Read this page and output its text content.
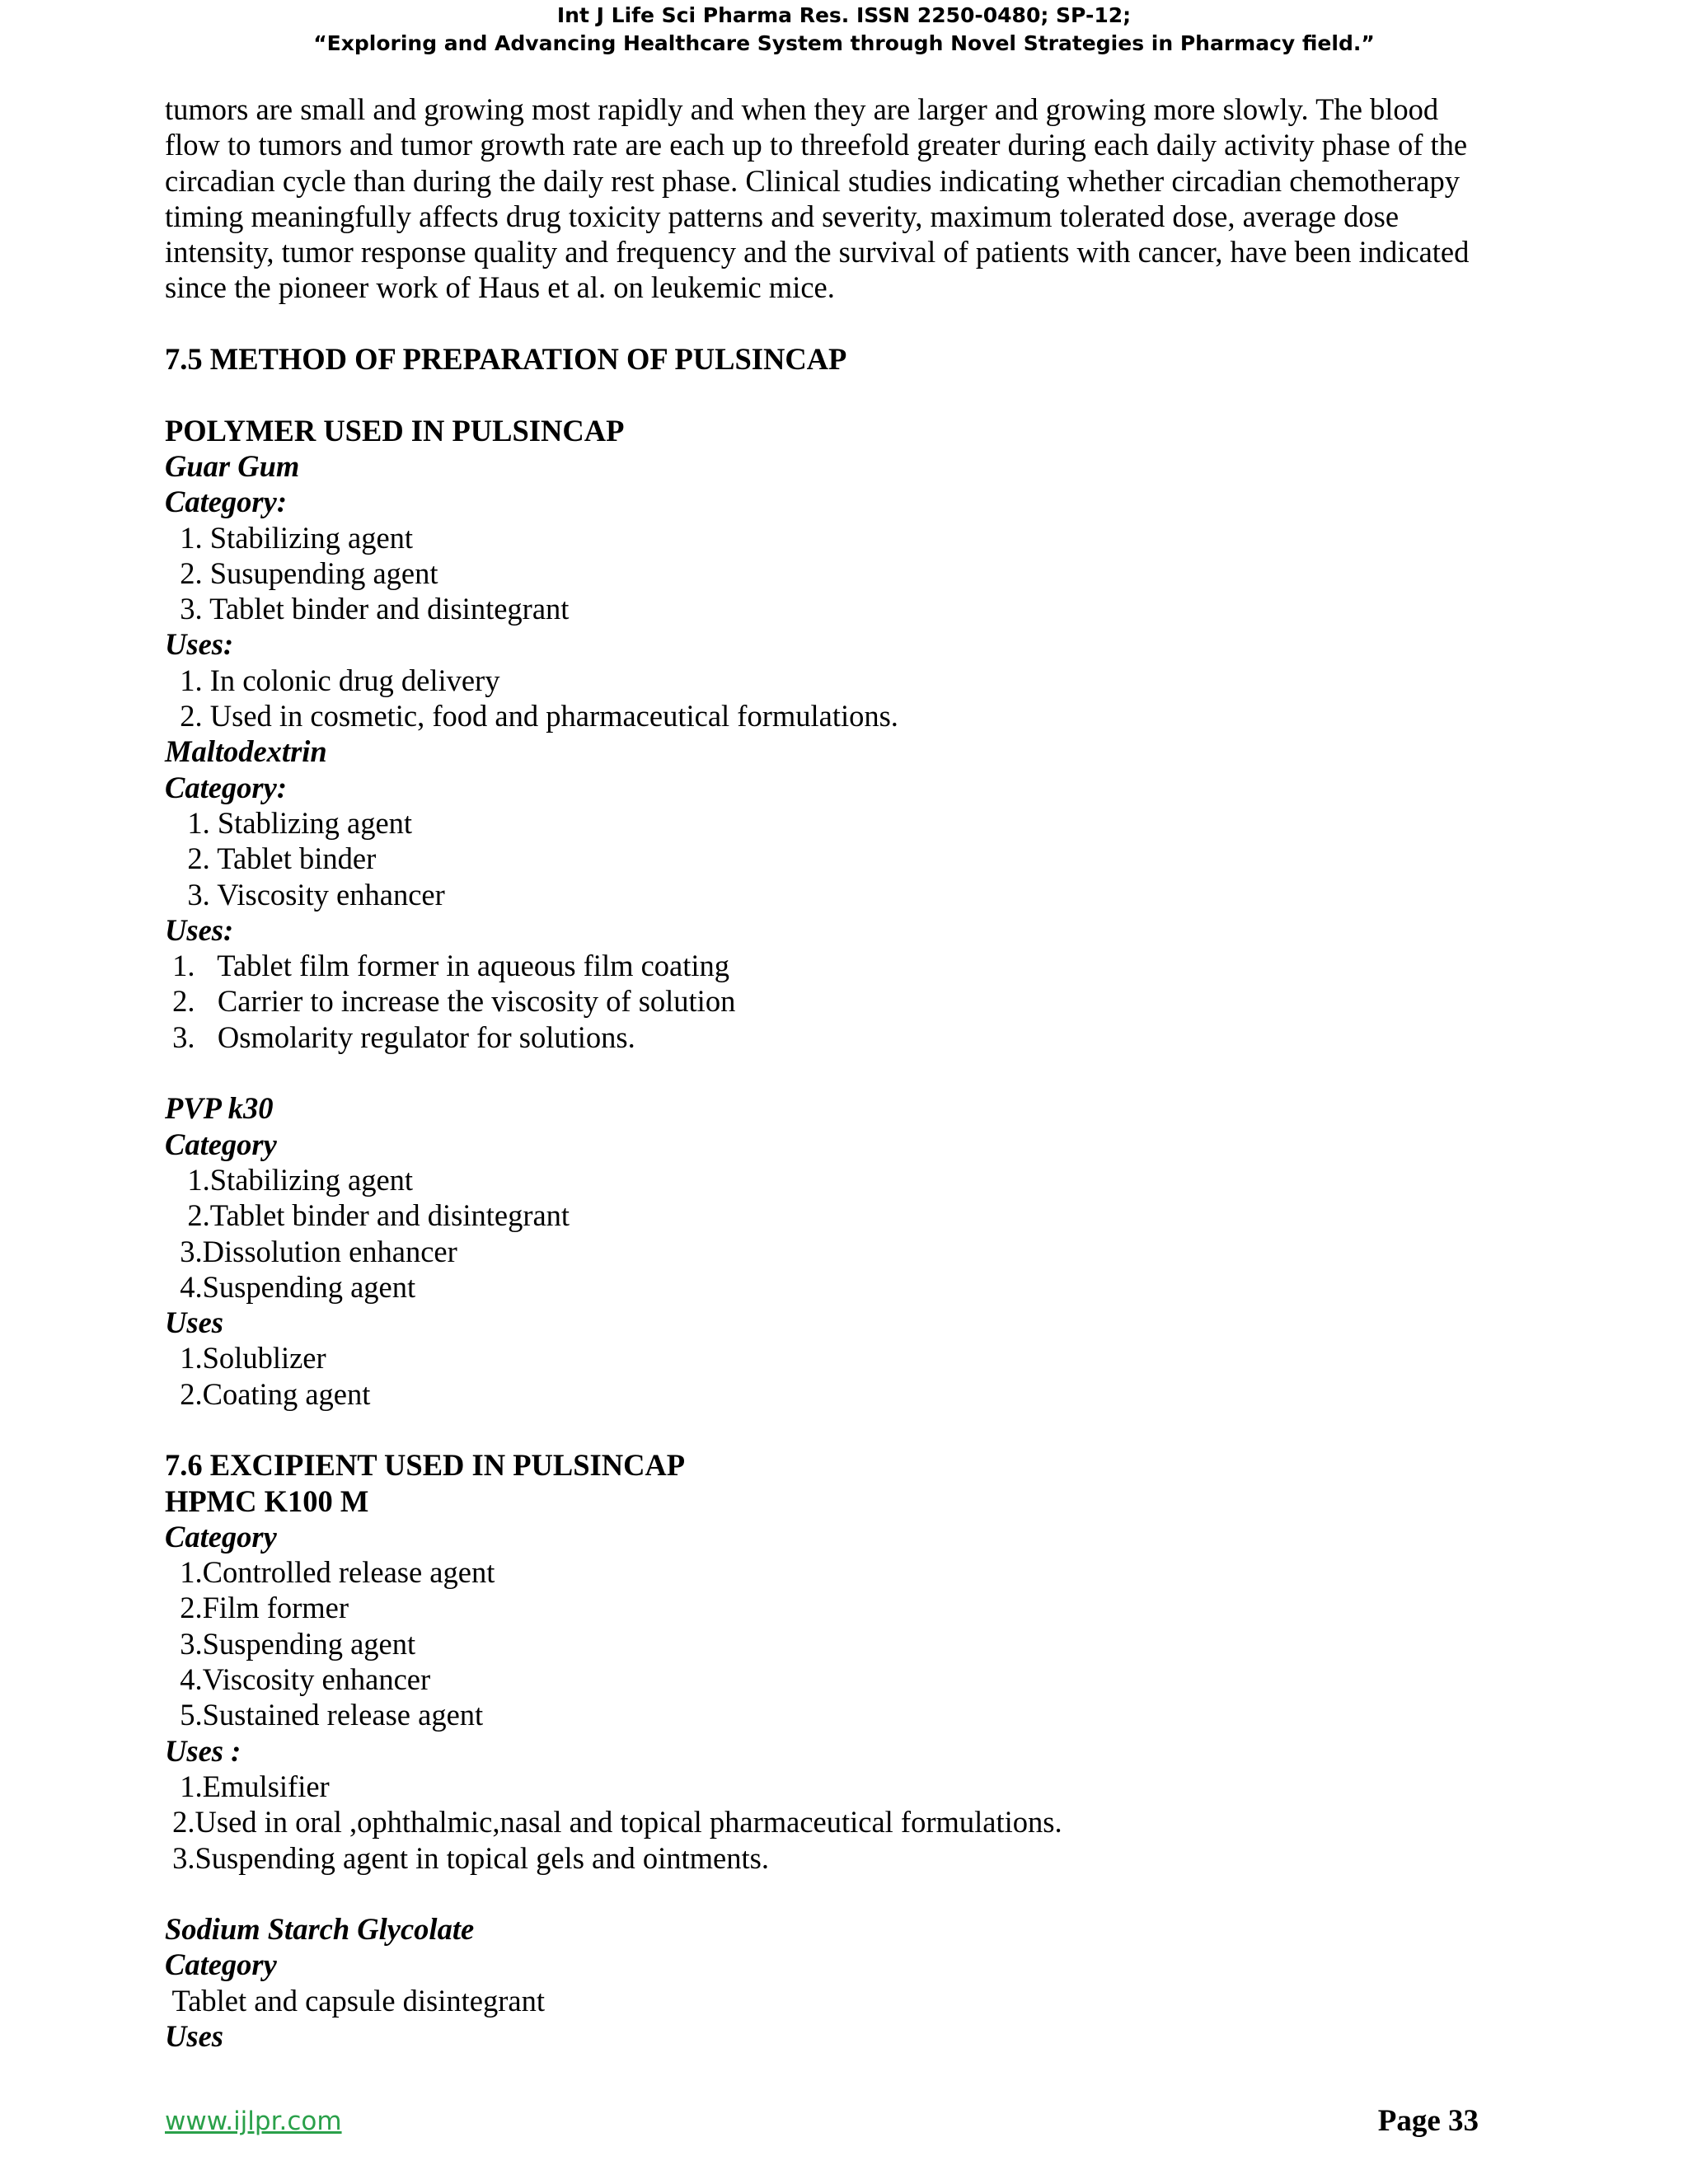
Int J Life Sci Pharma Res. ISSN 2250-0480; SP-12;
“Exploring and Advancing Healthcare System through Novel Strategies in Pharmacy field.”

tumors are small and growing most rapidly and when they are larger and growing more slowly. The blood

flow to tumors and tumor growth rate are each up to threefold greater during each daily activity phase of the

circadian cycle than during the daily rest phase. Clinical studies indicating whether circadian chemotherapy

timing meaningfully affects drug toxicity patterns and severity, maximum tolerated dose, average dose

intensity, tumor response quality and frequency and the survival of patients with cancer, have been indicated

since the pioneer work of Haus et al. on leukemic mice.

7.5 METHOD OF PREPARATION OF PULSINCAP

POLYMER USED IN PULSINCAP

Guar Gum

Category:

1. Stabilizing agent

2. Susupending agent

3. Tablet binder and disintegrant

Uses:

1. In colonic drug delivery

2. Used in cosmetic, food and pharmaceutical formulations.

Maltodextrin

Category:

1. Stablizing agent

2. Tablet binder

3. Viscosity enhancer

Uses:

1.   Tablet film former in aqueous film coating

2.   Carrier to increase the viscosity of solution

3.   Osmolarity regulator for solutions.

PVP k30

Category

1.Stabilizing agent

2.Tablet binder and disintegrant

3.Dissolution enhancer

4.Suspending agent

Uses

1.Solublizer

2.Coating agent

7.6 EXCIPIENT USED IN PULSINCAP

HPMC K100 M

Category

1.Controlled release agent

2.Film former

3.Suspending agent

4.Viscosity enhancer

5.Sustained release agent

Uses :

1.Emulsifier

2.Used in oral ,ophthalmic,nasal and topical pharmaceutical formulations.

3.Suspending agent in topical gels and ointments.

Sodium Starch Glycolate

Category

Tablet and capsule disintegrant

Uses

www.ijlpr.com	Page 33
